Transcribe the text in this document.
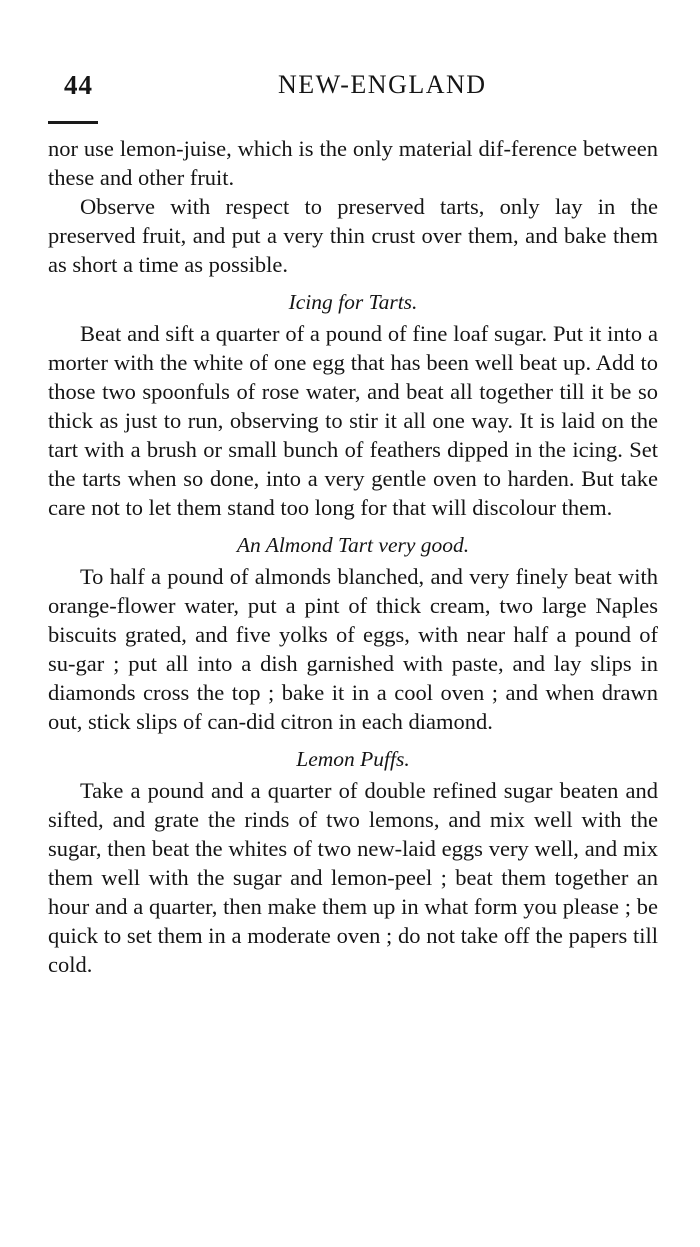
44	NEW-ENGLAND

nor use lemon-juise, which is the only material dif-ference between these and other fruit.

Observe with respect to preserved tarts, only lay in the preserved fruit, and put a very thin crust over them, and bake them as short a time as possible.

Icing for Tarts.

Beat and sift a quarter of a pound of fine loaf sugar. Put it into a morter with the white of one egg that has been well beat up. Add to those two spoonfuls of rose water, and beat all together till it be so thick as just to run, observing to stir it all one way. It is laid on the tart with a brush or small bunch of feathers dipped in the icing. Set the tarts when so done, into a very gentle oven to harden. But take care not to let them stand too long for that will discolour them.

An Almond Tart very good.

To half a pound of almonds blanched, and very finely beat with orange-flower water, put a pint of thick cream, two large Naples biscuits grated, and five yolks of eggs, with near half a pound of su-gar ; put all into a dish garnished with paste, and lay slips in diamonds cross the top ; bake it in a cool oven ; and when drawn out, stick slips of can-did citron in each diamond.

Lemon Puffs.

Take a pound and a quarter of double refined sugar beaten and sifted, and grate the rinds of two lemons, and mix well with the sugar, then beat the whites of two new-laid eggs very well, and mix them well with the sugar and lemon-peel ; beat them together an hour and a quarter, then make them up in what form you please ; be quick to set them in a moderate oven ; do not take off the papers till cold.
